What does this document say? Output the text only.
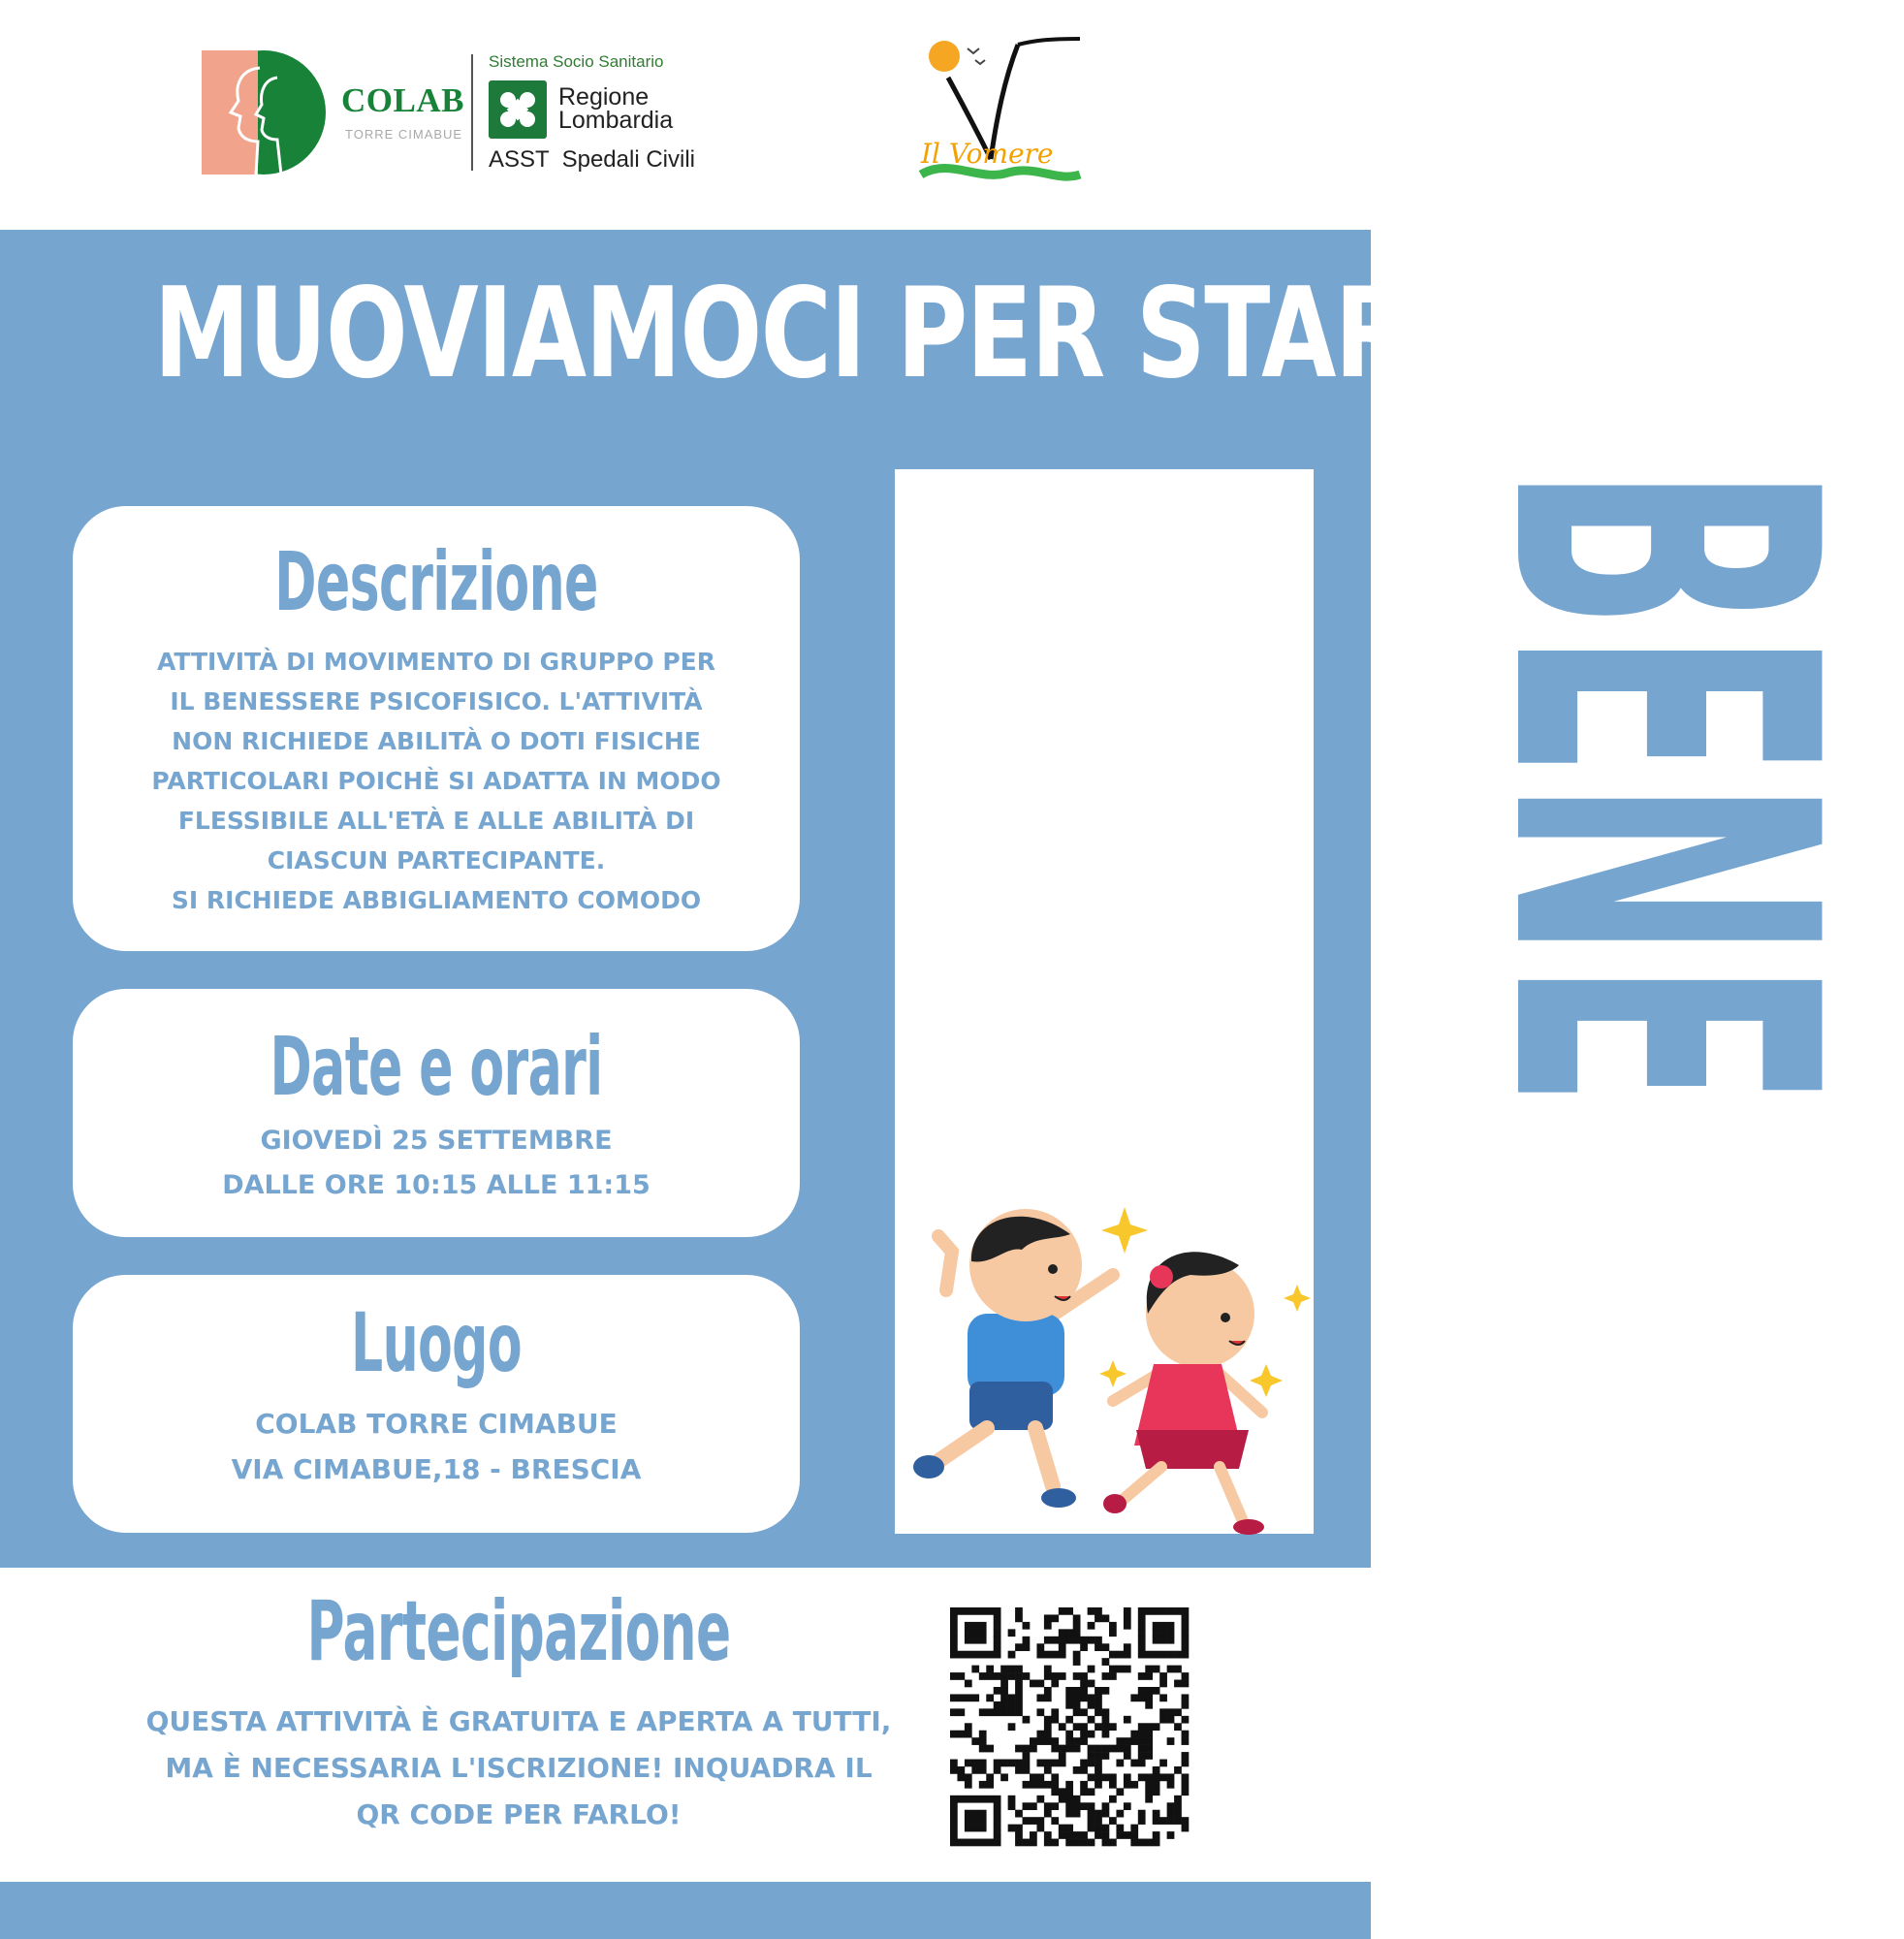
COLAB
TORRE CIMABUE
Sistema Socio Sanitario
Regione
Lombardia
ASST  Spedali Civili	Il Vomere
MUOVIAMOCI PER STARE
BENE
Descrizione
ATTIVITÀ DI MOVIMENTO DI GRUPPO PER
IL BENESSERE PSICOFISICO. L'ATTIVITÀ
NON RICHIEDE ABILITÀ O DOTI FISICHE
PARTICOLARI POICHÈ SI ADATTA IN MODO
FLESSIBILE ALL'ETÀ E ALLE ABILITÀ DI
CIASCUN PARTECIPANTE.
SI RICHIEDE ABBIGLIAMENTO COMODO
Date e orari
GIOVEDÌ 25 SETTEMBRE
DALLE ORE 10:15 ALLE 11:15
Luogo
COLAB TORRE CIMABUE
VIA CIMABUE,18 - BRESCIA
Partecipazione
QUESTA ATTIVITÀ È GRATUITA E APERTA A TUTTI,
MA È NECESSARIA L'ISCRIZIONE! INQUADRA IL
QR CODE PER FARLO!
